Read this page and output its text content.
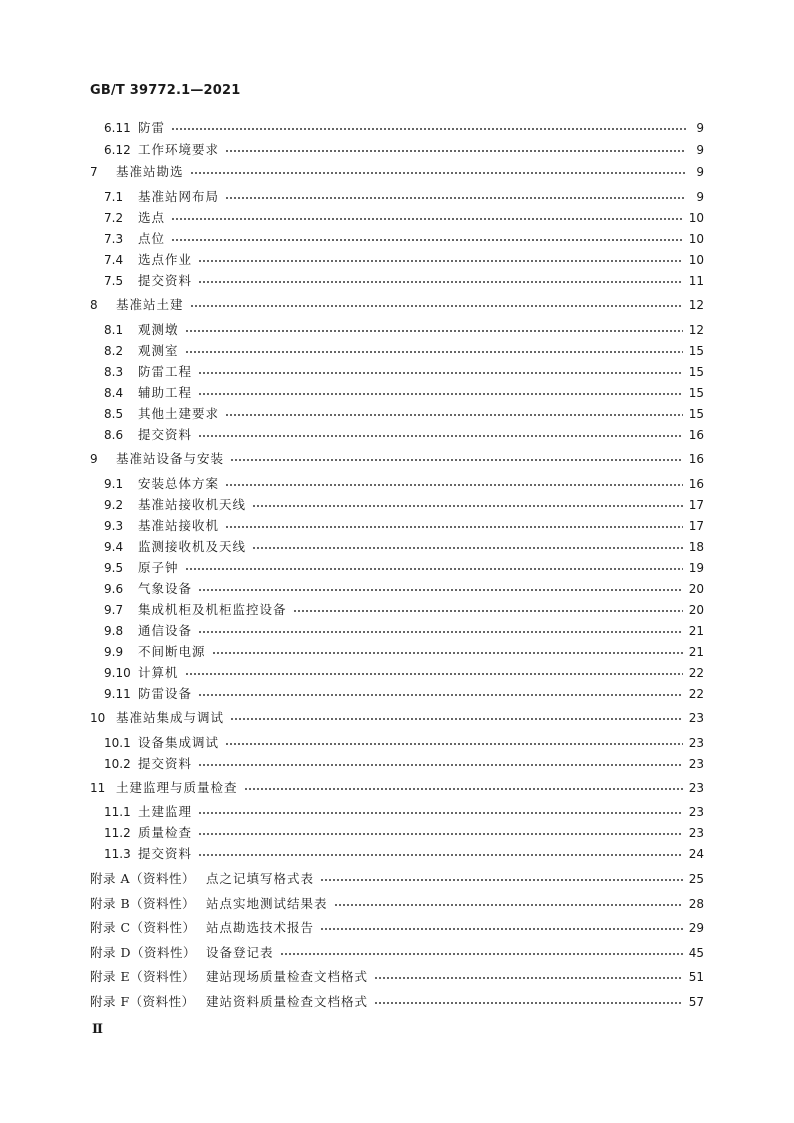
GB/T 39772.1—2021
6.11 防雷	9
6.12 工作环境要求	9
7	基准站勘选	9
7.1	基准站网布局	9
7.2	选点	10
7.3	点位	10
7.4	选点作业	10
7.5	提交资料	11
8	基准站土建	12
8.1	观测墩	12
8.2	观测室	15
8.3	防雷工程	15
8.4	辅助工程	15
8.5	其他土建要求	15
8.6	提交资料	16
9	基准站设备与安装	16
9.1	安装总体方案	16
9.2	基准站接收机天线	17
9.3	基准站接收机	17
9.4	监测接收机及天线	18
9.5	原子钟	19
9.6	气象设备	20
9.7	集成机柜及机柜监控设备	20
9.8	通信设备	21
9.9	不间断电源	21
9.10 计算机	22
9.11 防雷设备	22
10 基准站集成与调试	23
10.1 设备集成调试	23
10.2 提交资料	23
11 土建监理与质量检查	23
11.1 土建监理	23
11.2 质量检查	23
11.3 提交资料	24
附录 A（资料性） 点之记填写格式表	25
附录 B（资料性） 站点实地测试结果表	28
附录 C（资料性） 站点勘选技术报告	29
附录 D（资料性） 设备登记表	45
附录 E（资料性） 建站现场质量检查文档格式	51
附录 F（资料性） 建站资料质量检查文档格式	57
Ⅱ
